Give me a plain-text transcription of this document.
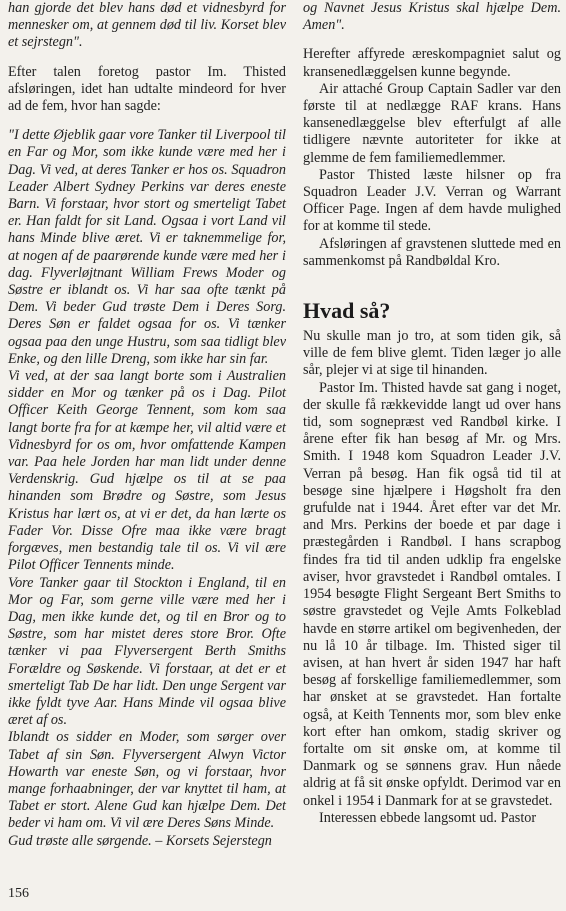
han gjorde det blev hans død et vidnesbyrd for mennesker om, at gennem død til liv. Korset blev et sejrstegn".

Efter talen foretog pastor Im. Thisted afsløringen, idet han udtalte mindeord for hver ad de fem, hvor han sagde:

"I dette Øjeblik gaar vore Tanker til Liverpool til en Far og Mor, som ikke kunde være med her i Dag. Vi ved, at deres Tanker er hos os. Squadron Leader Albert Sydney Perkins var deres eneste Barn. Vi forstaar, hvor stort og smerteligt Tabet er. Han faldt for sit Land. Ogsaa i vort Land vil hans Minde blive æret. Vi er taknemmelige for, at nogen af de paarørende kunde være med her i dag. Flyverløjtnant William Frews Moder og Søstre er iblandt os. Vi har saa ofte tænkt på Dem. Vi beder Gud trøste Dem i Deres Sorg. Deres Søn er faldet ogsaa for os. Vi tænker ogsaa paa den unge Hustru, som saa tidligt blev Enke, og den lille Dreng, som ikke har sin far.

Vi ved, at der saa langt borte som i Australien sidder en Mor og tænker på os i Dag. Pilot Officer Keith George Tennent, som kom saa langt borte fra for at kæmpe her, vil altid være et Vidnesbyrd for os om, hvor omfattende Kampen var. Paa hele Jorden har man lidt under denne Verdenskrig. Gud hjælpe os til at se paa hinanden som Brødre og Søstre, som Jesus Kristus har lært os, at vi er det, da han lærte os Fader Vor. Disse Ofre maa ikke være bragt forgæves, men bestandig tale til os. Vi vil ære Pilot Officer Tennents minde.

Vore Tanker gaar til Stockton i England, til en Mor og Far, som gerne ville være med her i Dag, men ikke kunde det, og til en Bror og to Søstre, som har mistet deres store Bror. Ofte tænker vi paa Flyversergent Berth Smiths Forældre og Søskende. Vi forstaar, at det er et smerteligt Tab De har lidt. Den unge Sergent var ikke fyldt tyve Aar. Hans Minde vil ogsaa blive æret af os.

Iblandt os sidder en Moder, som sørger over Tabet af sin Søn. Flyversergent Alwyn Victor Howarth var eneste Søn, og vi forstaar, hvor mange forhaabninger, der var knyttet til ham, at Tabet er stort. Alene Gud kan hjælpe Dem. Det beder vi ham om. Vi vil ære Deres Søns Minde.

Gud trøste alle sørgende. – Korsets Sejerstegn

og Navnet Jesus Kristus skal hjælpe Dem. Amen".

Herefter affyrede æreskompagniet salut og kransenedlæggelsen kunne begynde.

Air attaché Group Captain Sadler var den første til at nedlægge RAF krans. Hans kansenedlæggelse blev efterfulgt af alle tidligere nævnte autoriteter for ikke at glemme de fem familiemedlemmer.

Pastor Thisted læste hilsner op fra Squadron Leader J.V. Verran og Warrant Officer Page. Ingen af dem havde mulighed for at komme til stede.

Afsløringen af gravstenen sluttede med en sammenkomst på Randbøldal Kro.

Hvad så?

Nu skulle man jo tro, at som tiden gik, så ville de fem blive glemt. Tiden læger jo alle sår, plejer vi at sige til hinanden.

Pastor Im. Thisted havde sat gang i noget, der skulle få rækkevidde langt ud over hans tid, som sognepræst ved Randbøl kirke. I årene efter fik han besøg af Mr. og Mrs. Smith. I 1948 kom Squadron Leader J.V. Verran på besøg. Han fik også tid til at besøge sine hjælpere i Høgsholt fra den grufulde nat i 1944. Året efter var det Mr. and Mrs. Perkins der boede et par dage i præstegården i Randbøl. I hans scrapbog findes fra tid til anden udklip fra engelske aviser, hvor gravstedet i Randbøl omtales. I 1954 besøgte Flight Sergeant Bert Smiths to søstre gravstedet og Vejle Amts Folkeblad havde en større artikel om begivenheden, der nu lå 10 år tilbage. Im. Thisted siger til avisen, at han hvert år siden 1947 har haft besøg af forskellige familiemedlemmer, som har ønsket at se gravstedet. Han fortalte også, at Keith Tennents mor, som blev enke kort efter han omkom, stadig skriver og fortalte om sit ønske om, at komme til Danmark og se sønnens grav. Hun nåede aldrig at få sit ønske opfyldt. Derimod var en onkel i 1954 i Danmark for at se gravstedet.

Interessen ebbede langsomt ud. Pastor

156
